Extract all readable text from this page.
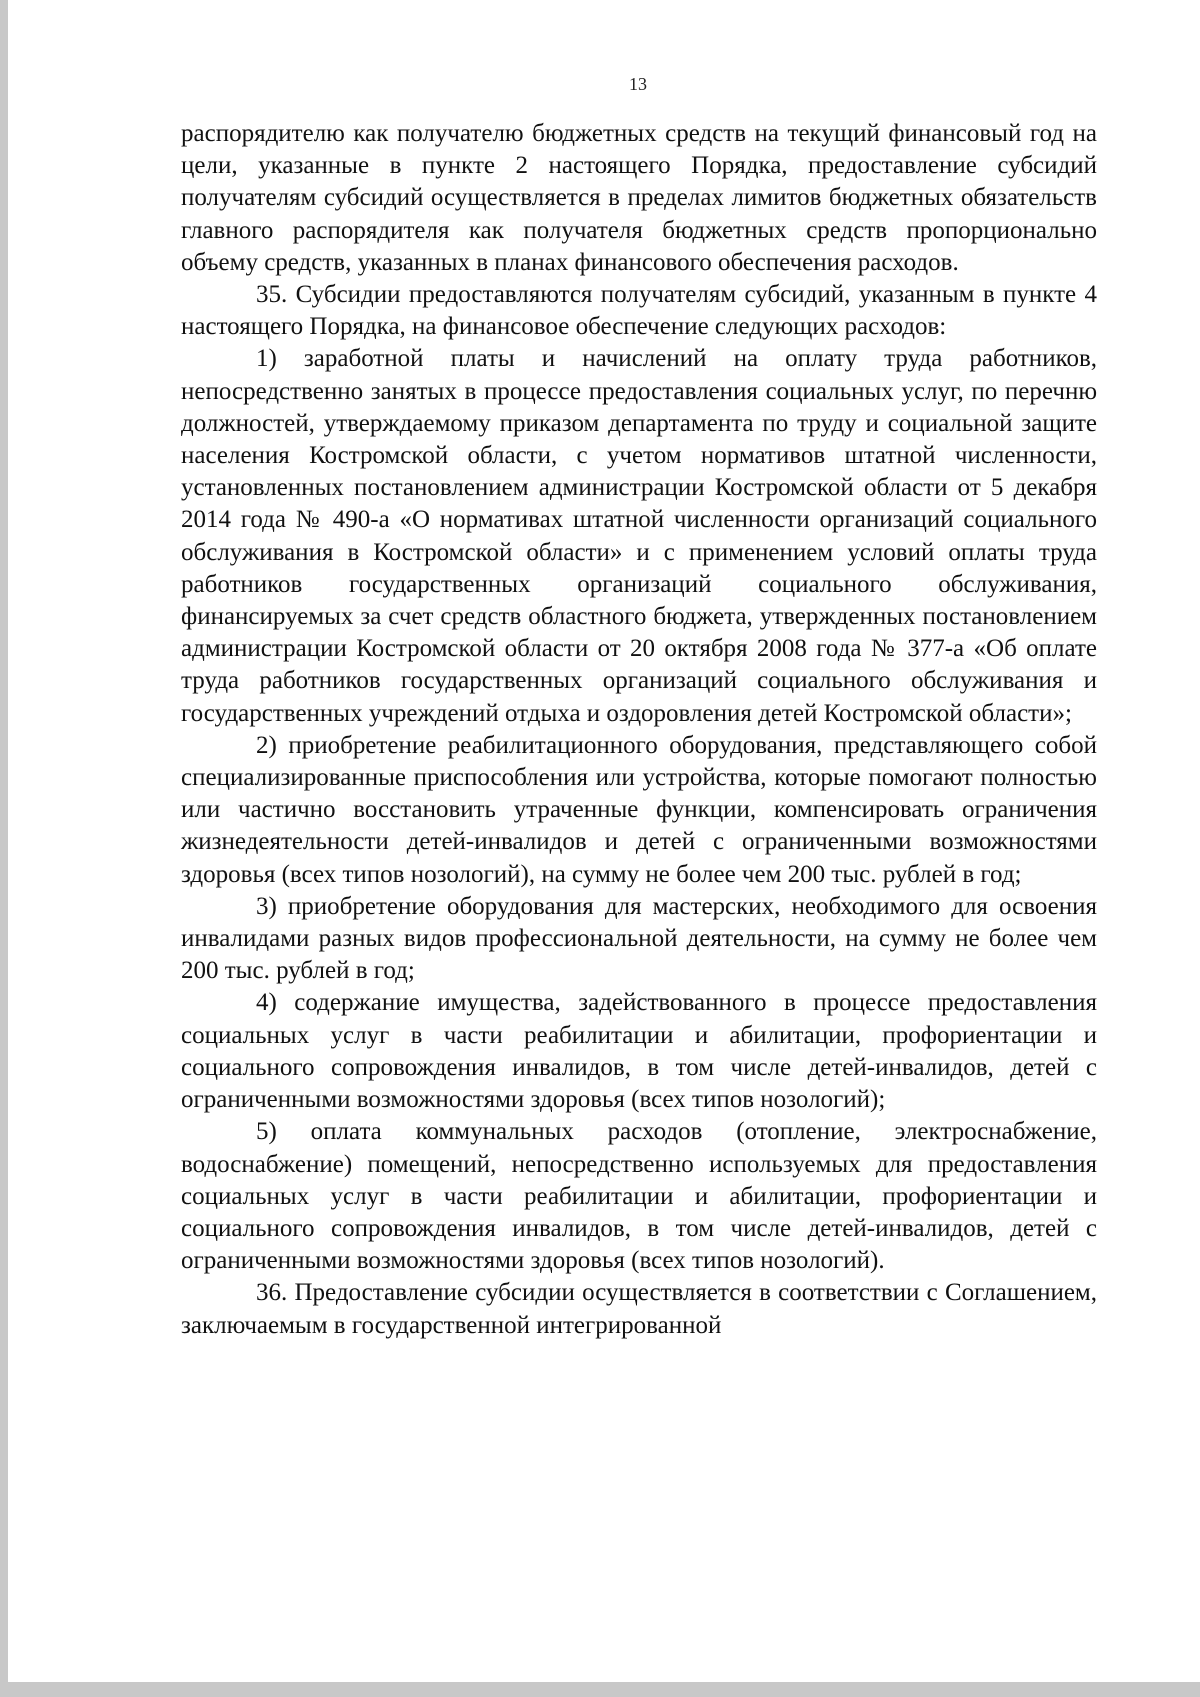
13

распорядителю как получателю бюджетных средств на текущий финансовый год на цели, указанные в пункте 2 настоящего Порядка, предоставление субсидий получателям субсидий осуществляется в пределах лимитов бюджетных обязательств главного распорядителя как получателя бюджетных средств пропорционально объему средств, указанных в планах финансового обеспечения расходов.

35. Субсидии предоставляются получателям субсидий, указанным в пункте 4 настоящего Порядка, на финансовое обеспечение следующих расходов:

1) заработной платы и начислений на оплату труда работников, непосредственно занятых в процессе предоставления социальных услуг, по перечню должностей, утверждаемому приказом департамента по труду и социальной защите населения Костромской области, с учетом нормативов штатной численности, установленных постановлением администрации Костромской области от 5 декабря 2014 года № 490-а «О нормативах штатной численности организаций социального обслуживания в Костромской области» и с применением условий оплаты труда работников государственных организаций социального обслуживания, финансируемых за счет средств областного бюджета, утвержденных постановлением администрации Костромской области от 20 октября 2008 года № 377-а «Об оплате труда работников государственных организаций социального обслуживания и государственных учреждений отдыха и оздоровления детей Костромской области»;

2) приобретение реабилитационного оборудования, представляющего собой специализированные приспособления или устройства, которые помогают полностью или частично восстановить утраченные функции, компенсировать ограничения жизнедеятельности детей-инвалидов и детей с ограниченными возможностями здоровья (всех типов нозологий), на сумму не более чем 200 тыс. рублей в год;

3) приобретение оборудования для мастерских, необходимого для освоения инвалидами разных видов профессиональной деятельности, на сумму не более чем 200 тыс. рублей в год;

4) содержание имущества, задействованного в процессе предоставления социальных услуг в части реабилитации и абилитации, профориентации и социального сопровождения инвалидов, в том числе детей-инвалидов, детей с ограниченными возможностями здоровья (всех типов нозологий);

5) оплата коммунальных расходов (отопление, электроснабжение, водоснабжение) помещений, непосредственно используемых для предоставления социальных услуг в части реабилитации и абилитации, профориентации и социального сопровождения инвалидов, в том числе детей-инвалидов, детей с ограниченными возможностями здоровья (всех типов нозологий).

36. Предоставление субсидии осуществляется в соответствии с Соглашением, заключаемым в государственной интегрированной
